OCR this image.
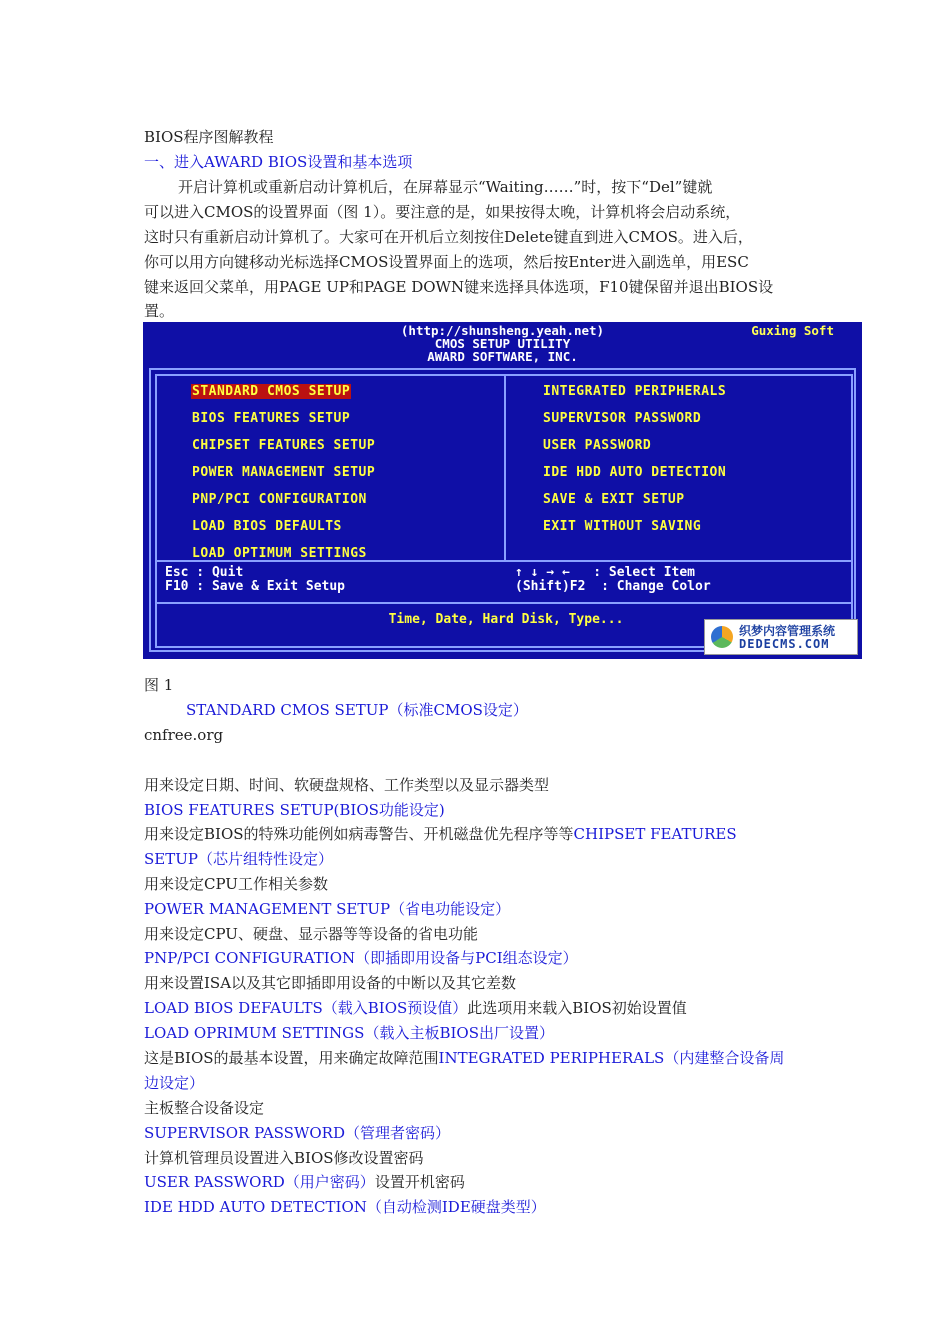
BIOS程序图解教程
一、进入AWARD BIOS设置和基本选项
开启计算机或重新启动计算机后，在屏幕显示“Waiting……”时，按下“Del”键就
可以进入CMOS的设置界面（图 1）。要注意的是，如果按得太晚，计算机将会启动系统，
这时只有重新启动计算机了。大家可在开机后立刻按住Delete键直到进入CMOS。进入后，
你可以用方向键移动光标选择CMOS设置界面上的选项，然后按Enter进入副选单，用ESC
键来返回父菜单，用PAGE UP和PAGE DOWN键来选择具体选项，F10键保留并退出BIOS设
置。
(http://shunsheng.yeah.net)
CMOS SETUP UTILITY
AWARD SOFTWARE, INC.
Guxing Soft
STANDARD CMOS SETUP
BIOS FEATURES SETUP
CHIPSET FEATURES SETUP
POWER MANAGEMENT SETUP
PNP/PCI CONFIGURATION
LOAD BIOS DEFAULTS
LOAD OPTIMUM SETTINGS
INTEGRATED PERIPHERALS
SUPERVISOR PASSWORD
USER PASSWORD
IDE HDD AUTO DETECTION
SAVE & EXIT SETUP
EXIT WITHOUT SAVING
Esc : Quit
F10 : Save & Exit Setup
↑ ↓ → ←   : Select Item
(Shift)F2  : Change Color
Time, Date, Hard Disk, Type...
织梦内容管理系统
DEDECMS.COM
图 1
STANDARD CMOS SETUP（标准CMOS设定）
cnfree.org
用来设定日期、时间、软硬盘规格、工作类型以及显示器类型
BIOS FEATURES SETUP(BIOS功能设定)
用来设定BIOS的特殊功能例如病毒警告、开机磁盘优先程序等等CHIPSET FEATURES
SETUP（芯片组特性设定）
用来设定CPU工作相关参数
POWER MANAGEMENT SETUP（省电功能设定）
用来设定CPU、硬盘、显示器等等设备的省电功能
PNP/PCI CONFIGURATION（即插即用设备与PCI组态设定）
用来设置ISA以及其它即插即用设备的中断以及其它差数
LOAD BIOS DEFAULTS（载入BIOS预设值）此选项用来载入BIOS初始设置值
LOAD OPRIMUM SETTINGS（载入主板BIOS出厂设置）
这是BIOS的最基本设置，用来确定故障范围INTEGRATED PERIPHERALS（内建整合设备周
边设定）
主板整合设备设定
SUPERVISOR PASSWORD（管理者密码）
计算机管理员设置进入BIOS修改设置密码
USER PASSWORD（用户密码）设置开机密码
IDE HDD AUTO DETECTION（自动检测IDE硬盘类型）
